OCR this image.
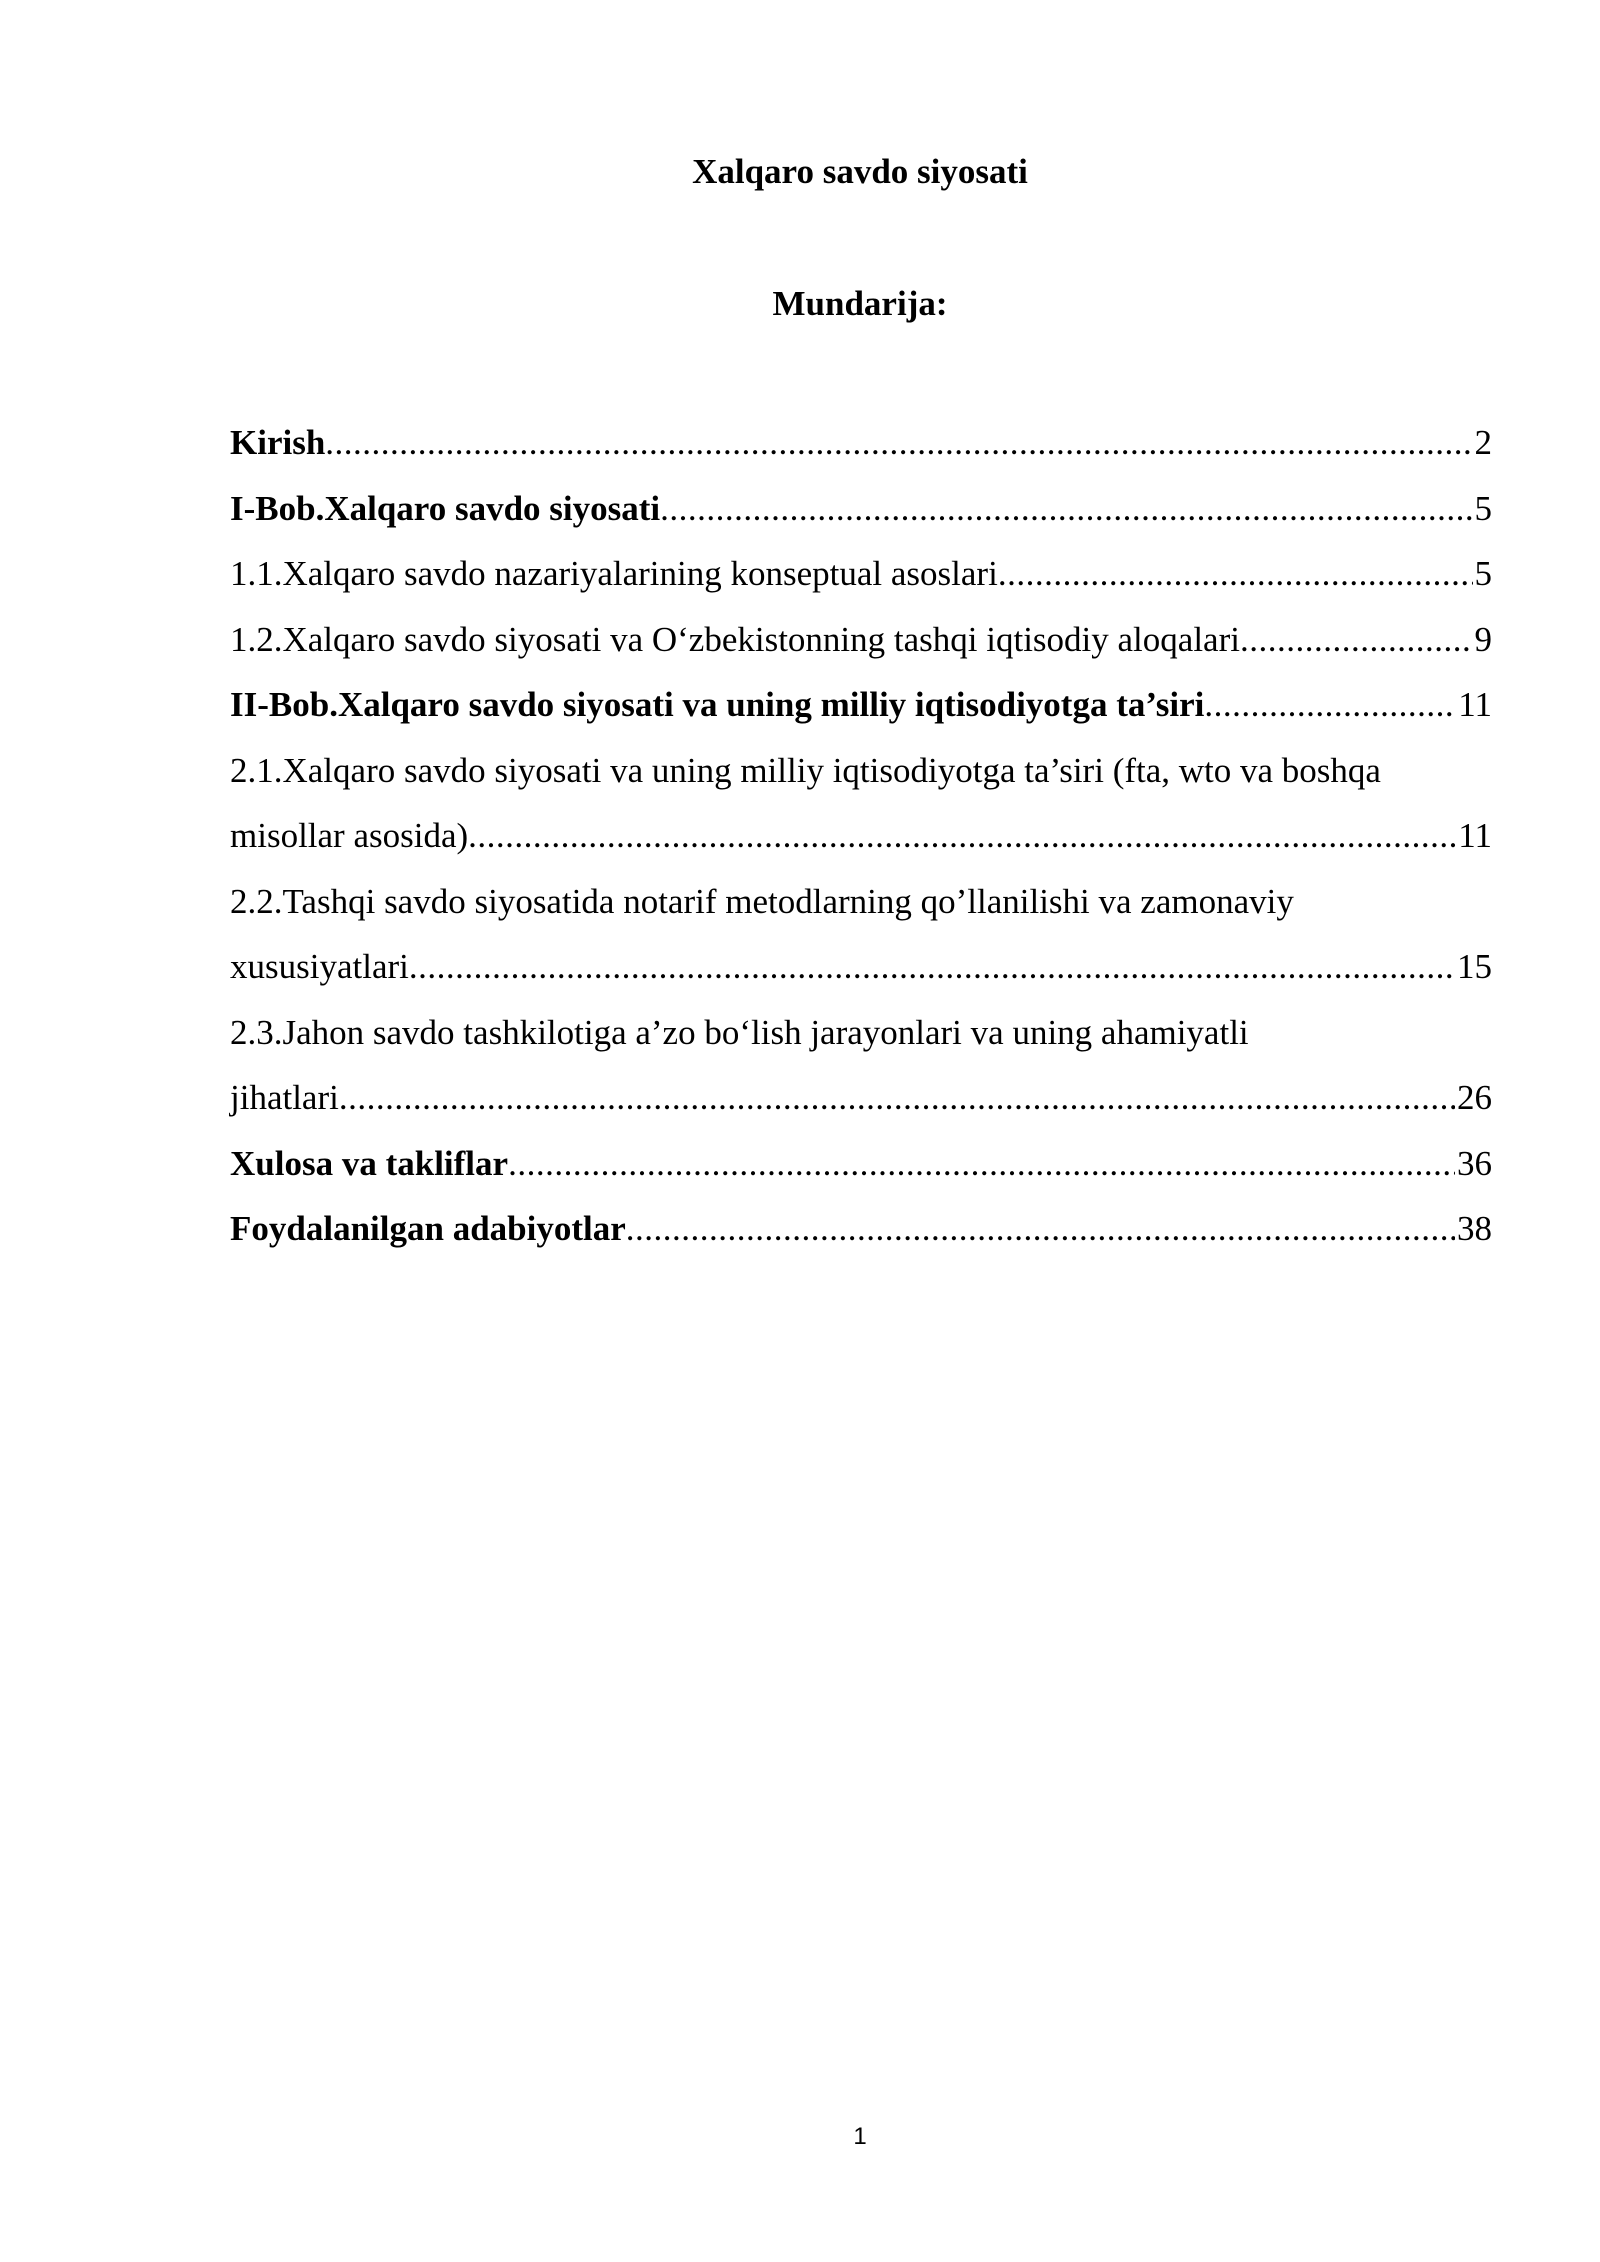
Xalqaro savdo siyosati
Mundarija:
Kirish .....	2
I-Bob.Xalqaro savdo siyosati .....	5
1.1.Xalqaro savdo nazariyalarining konseptual asoslari .....	5
1.2.Xalqaro savdo siyosati va O‘zbekistonning tashqi iqtisodiy aloqalari .....	9
II-Bob.Xalqaro savdo siyosati va uning milliy iqtisodiyotga ta’siri .....	11
2.1.Xalqaro savdo siyosati va uning milliy iqtisodiyotga ta’siri (fta, wto va boshqa
misollar asosida) .....	11
2.2.Tashqi savdo siyosatida notarif metodlarning qo’llanilishi va zamonaviy
xususiyatlari .....	15
2.3.Jahon savdo tashkilotiga a’zo bo‘lish jarayonlari va uning ahamiyatli
jihatlari .....	26
Xulosa va takliflar .....	36
Foydalanilgan adabiyotlar .....	38
1
